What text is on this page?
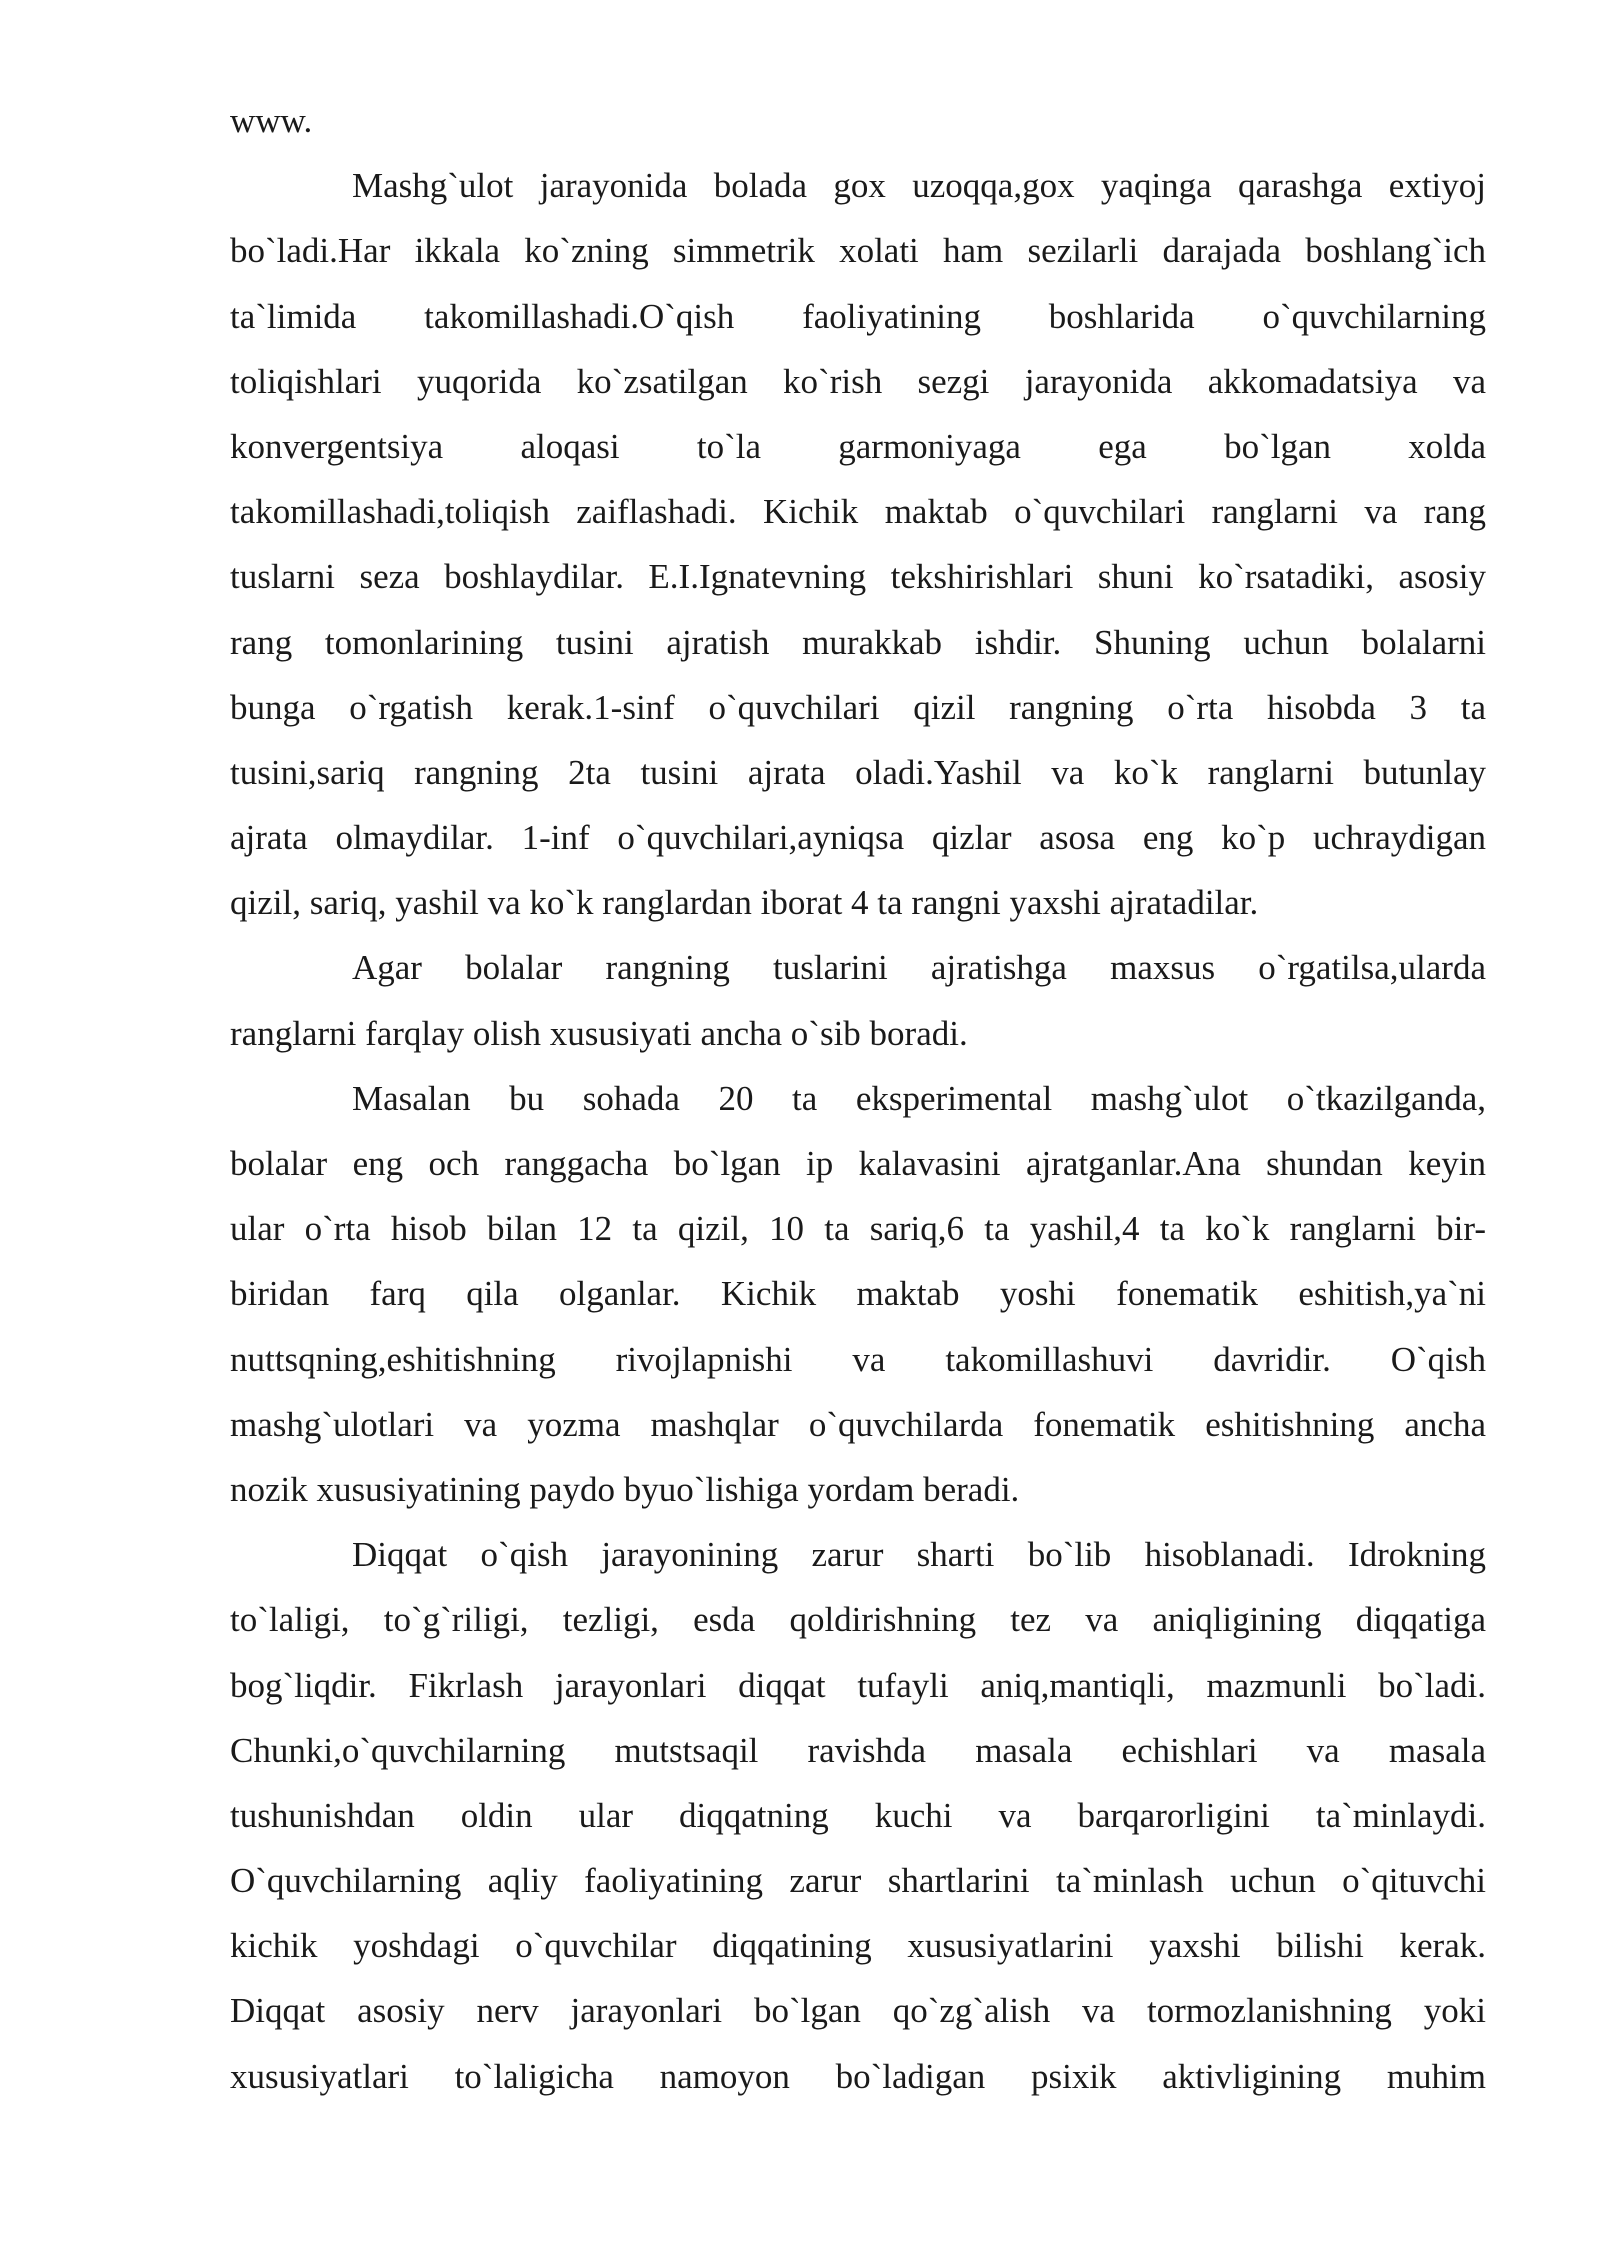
www.
Mashg`ulot jarayonida bolada gox uzoqqa,gox yaqinga qarashga extiyoj
bo`ladi.Har ikkala ko`zning simmetrik xolati ham sezilarli darajada boshlang`ich
ta`limida takomillashadi.O`qish faoliyatining boshlarida o`quvchilarning
toliqishlari yuqorida ko`zsatilgan ko`rish sezgi jarayonida akkomadatsiya va
konvergentsiya aloqasi to`la garmoniyaga ega bo`lgan xolda
takomillashadi,toliqish zaiflashadi. Kichik maktab o`quvchilari ranglarni va rang
tuslarni seza boshlaydilar. E.I.Ignatevning tekshirishlari shuni ko`rsatadiki, asosiy
rang tomonlarining tusini ajratish murakkab ishdir. Shuning uchun bolalarni
bunga o`rgatish kerak.1-sinf o`quvchilari qizil rangning o`rta hisobda 3 ta
tusini,sariq rangning 2ta tusini ajrata oladi.Yashil va ko`k ranglarni butunlay
ajrata olmaydilar. 1-inf o`quvchilari,ayniqsa qizlar asosa eng ko`p uchraydigan
qizil, sariq, yashil va ko`k ranglardan iborat 4 ta rangni yaxshi ajratadilar.
Agar bolalar rangning tuslarini ajratishga maxsus o`rgatilsa,ularda
ranglarni farqlay olish xususiyati ancha o`sib boradi.
Masalan bu sohada 20 ta eksperimental mashg`ulot o`tkazilganda,
bolalar eng och ranggacha bo`lgan ip kalavasini ajratganlar.Ana shundan keyin
ular o`rta hisob bilan 12 ta qizil, 10 ta sariq,6 ta yashil,4 ta ko`k ranglarni bir-
biridan farq qila olganlar. Kichik maktab yoshi fonematik eshitish,ya`ni
nuttsqning,eshitishning rivojlapnishi va takomillashuvi davridir. O`qish
mashg`ulotlari va yozma mashqlar o`quvchilarda fonematik eshitishning ancha
nozik xususiyatining paydo byuo`lishiga yordam beradi.
Diqqat o`qish jarayonining zarur sharti bo`lib hisoblanadi. Idrokning
to`laligi, to`g`riligi, tezligi, esda qoldirishning tez va aniqligining diqqatiga
bog`liqdir. Fikrlash jarayonlari diqqat tufayli aniq,mantiqli, mazmunli bo`ladi.
Chunki,o`quvchilarning mutstsaqil ravishda masala echishlari va masala
tushunishdan oldin ular diqqatning kuchi va barqarorligini ta`minlaydi.
O`quvchilarning aqliy faoliyatining zarur shartlarini ta`minlash uchun o`qituvchi
kichik yoshdagi o`quvchilar diqqatining xususiyatlarini yaxshi bilishi kerak.
Diqqat asosiy nerv jarayonlari bo`lgan qo`zg`alish va tormozlanishning yoki
xususiyatlari to`laligicha namoyon bo`ladigan psixik aktivligining muhim
